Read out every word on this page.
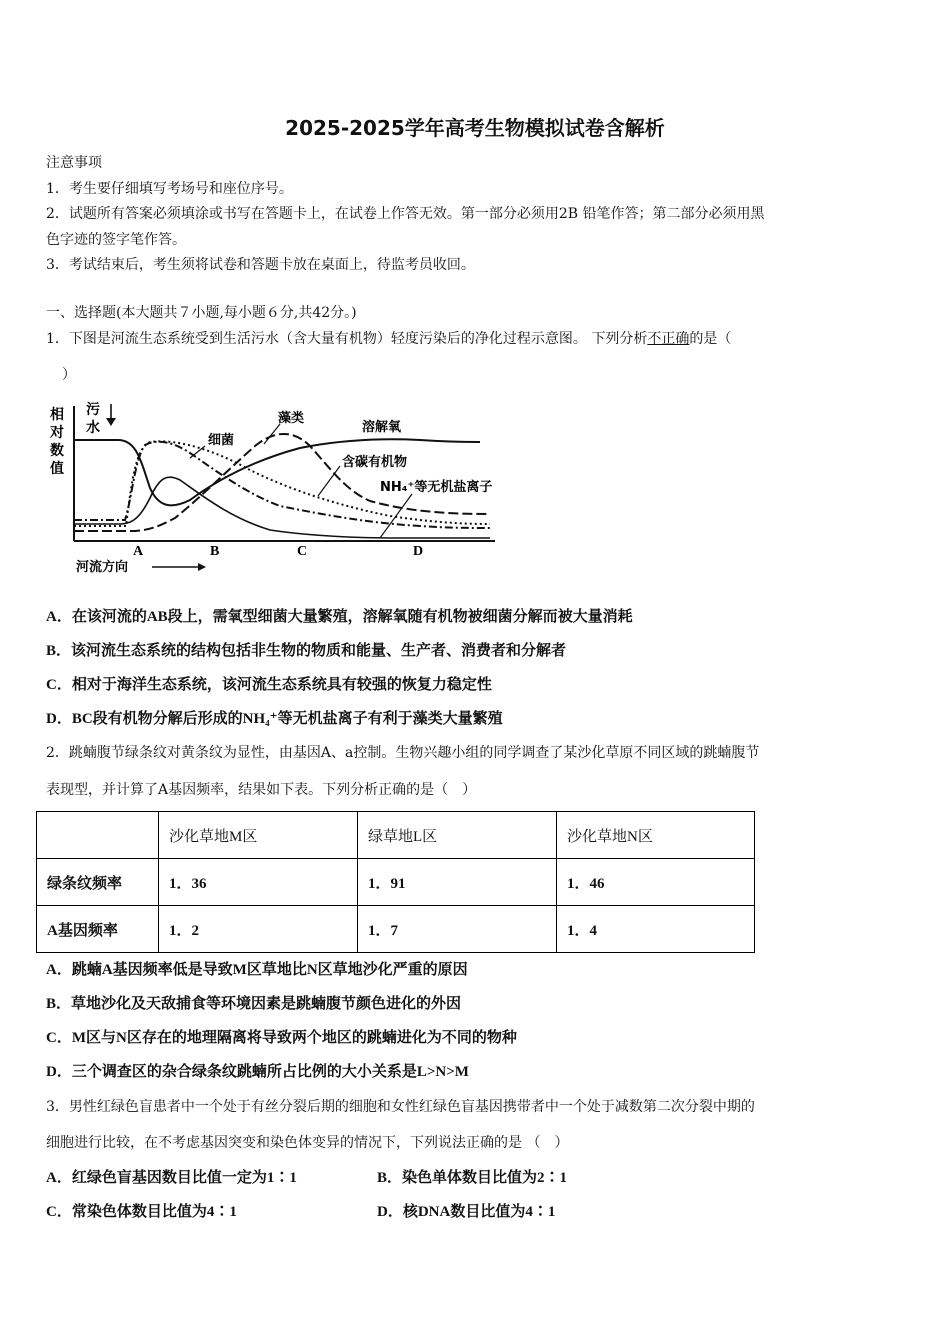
2025-2025学年高考生物模拟试卷含解析
注意事项
1．考生要仔细填写考场号和座位序号。
2．试题所有答案必须填涂或书写在答题卡上，在试卷上作答无效。第一部分必须用2B 铅笔作答；第二部分必须用黑
色字迹的签字笔作答。
3．考试结束后，考生须将试卷和答题卡放在桌面上，待监考员收回。
一、选择题(本大题共７小题,每小题６分,共42分。)
1．下图是河流生态系统受到生活污水（含大量有机物）轻度污染后的净化过程示意图。 下列分析不正确的是（
）
相
对
数
值
污
水
细菌
藻类
溶解氧
含碳有机物
NH₄⁺等无机盐离子
A	B	C	D
河流方向
A．在该河流的AB段上，需氧型细菌大量繁殖，溶解氧随有机物被细菌分解而被大量消耗
B．该河流生态系统的结构包括非生物的物质和能量、生产者、消费者和分解者
C．相对于海洋生态系统，该河流生态系统具有较强的恢复力稳定性
D．BC段有机物分解后形成的NH₄⁺等无机盐离子有利于藻类大量繁殖
2．跳蝻腹节绿条纹对黄条纹为显性，由基因A、a控制。生物兴趣小组的同学调查了某沙化草原不同区域的跳蝻腹节
表现型，并计算了A基因频率，结果如下表。下列分析正确的是（　）
	沙化草地M区	绿草地L区	沙化草地N区
绿条纹频率	1．36	1．91	1．46
A基因频率	1．2	1．7	1．4
A．跳蝻A基因频率低是导致M区草地比N区草地沙化严重的原因
B．草地沙化及天敌捕食等环境因素是跳蝻腹节颜色进化的外因
C．M区与N区存在的地理隔离将导致两个地区的跳蝻进化为不同的物种
D．三个调查区的杂合绿条纹跳蝻所占比例的大小关系是L>N>M
3．男性红绿色盲患者中一个处于有丝分裂后期的细胞和女性红绿色盲基因携带者中一个处于减数第二次分裂中期的
细胞进行比较，在不考虑基因突变和染色体变异的情况下，下列说法正确的是 （　）
A．红绿色盲基因数目比值一定为1∶1	B．染色单体数目比值为2∶1
C．常染色体数目比值为4∶1	D．核DNA数目比值为4∶1
